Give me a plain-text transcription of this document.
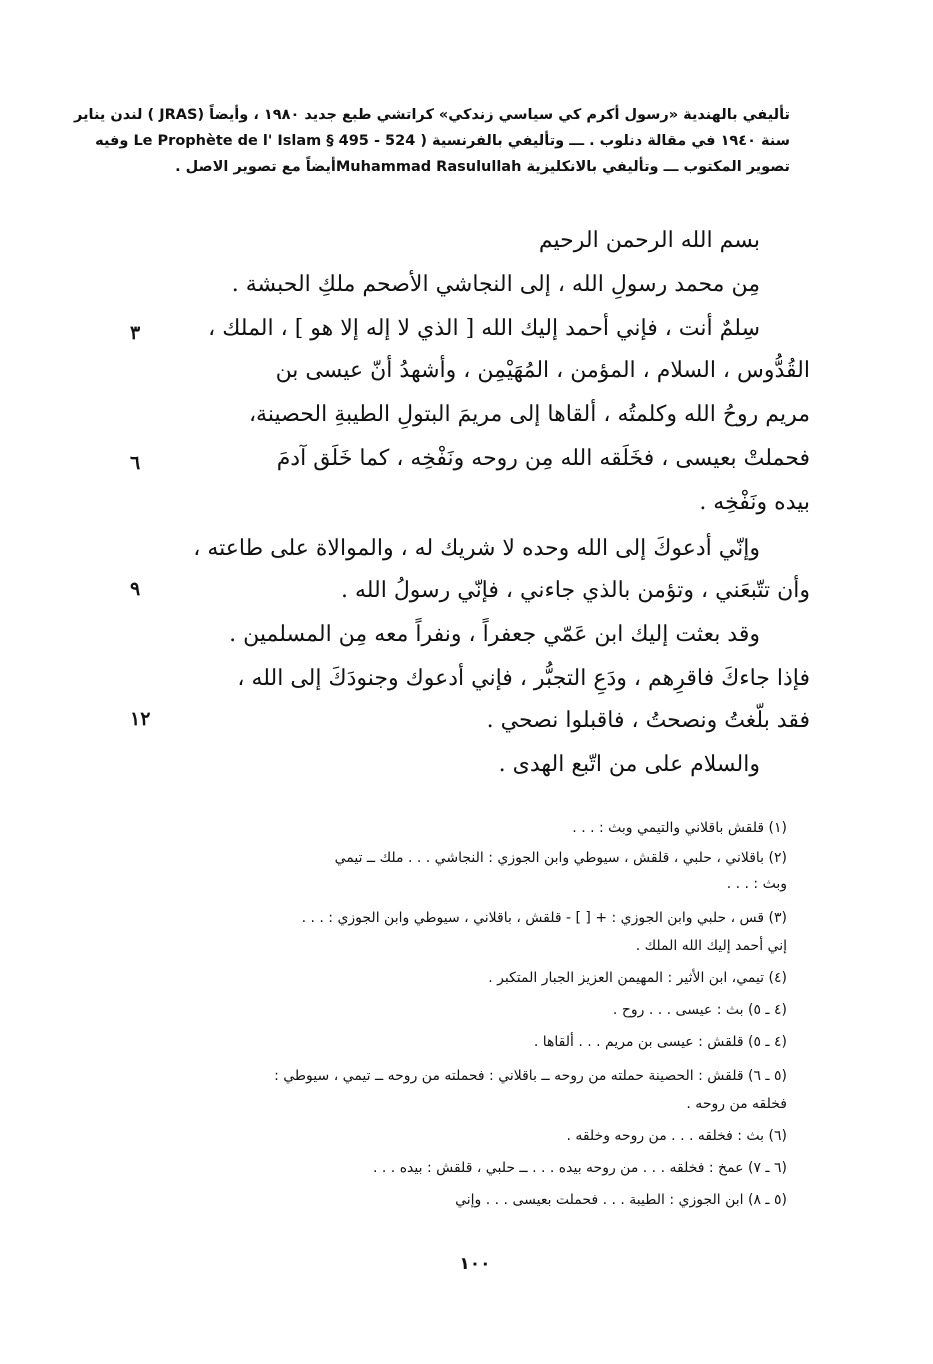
تأليفي بالهندية «رسول أكرم كي سياسي زندكي» كراتشي طبع جديد ١٩٨٠ ، وأيضاً (JRAS ) لندن يناير
سنة ١٩٤٠ في مقالة دنلوب . ـــ وتأليفي بالفرنسية ( 524 - 495 § Le Prophète de l' Islam وفيه
تصوير المكتوب ـــ وتأليفي بالانكليزية Muhammad Rasulullahأيضاً مع تصوير الاصل .
بسم الله الرحمن الرحيم
مِن محمد رسولِ الله ، إلى النجاشي الأصحم ملكِ الحبشة .
سِلمٌ أنت ، فإني أحمد إليك الله [ الذي لا إله إلا هو ] ، الملك ،
القُدُّوس ، السلام ، المؤمن ، المُهَيْمِن ، وأشهدُ أنّ عيسى بن
مريم روحُ الله وكلمتُه ، ألقاها إلى مريمَ البتولِ الطيبةِ الحصينة،
فحملتْ بعيسى ، فخَلَقه الله مِن روحه ونَفْخِه ، كما خَلَق آدمَ
بيده ونَفْخِه .
وإنّي أدعوكَ إلى الله وحده لا شريك له ، والموالاة على طاعته ،
وأن تتّبعَني ، وتؤمن بالذي جاءني ، فإنّي رسولُ الله .
وقد بعثت إليك ابن عَمّي جعفراً ، ونفراً معه مِن المسلمين .
فإذا جاءكَ فاقرِهم ، ودَعِ التجبُّر ، فإني أدعوك وجنودَكَ إلى الله ،
فقد بلّغتُ ونصحتُ ، فاقبلوا نصحي .
والسلام على من اتّبع الهدى .
٣
٦
٩
١٢
(١) قلقش باقلاني والتيمي وبث : . . .
(٢) باقلاني ، حلبي ، قلقش ، سيوطي وابن الجوزي : النجاشي . . . ملك ــ تيمي
وبث : . . .
(٣) قس ، حلبي وابن الجوزي : + [ ] - قلقش ، باقلاني ، سيوطي وابن الجوزي : . . .
إني أحمد إليك الله الملك .
(٤) تيمي، ابن الأثير : المهيمن العزيز الجبار المتكبر .
(٤ ـ ٥) بث : عيسى . . . روح .
(٤ ـ ٥) قلقش : عيسى بن مريم . . . ألقاها .
(٥ ـ ٦) قلقش : الحصينة حملته من روحه ــ باقلاني : فحملته من روحه ــ تيمي ، سيوطي :
فخلقه من روحه .
(٦) بث : فخلقه . . . من روحه وخلقه .
(٦ ـ ٧) عمخ : فخلقه . . . من روحه بيده . . . ــ حلبي ، قلقش : بيده . . .
(٥ ـ ٨) ابن الجوزي : الطيبة . . . فحملت بعيسى . . . وإني
١٠٠
